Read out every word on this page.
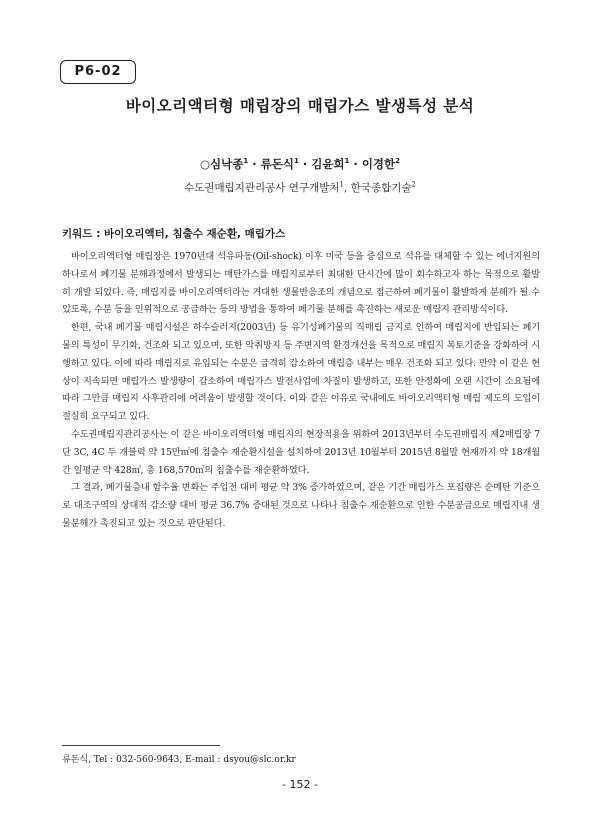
P6-02
바이오리액터형 매립장의 매립가스 발생특성 분석
○심낙종$^1$ · 류돈식$^1$ · 김윤희$^1$ · 이경한$^2$
수도권매립지관리공사 연구개발처$^1$, 한국종합기술$^2$
키워드 : 바이오리액터, 침출수 재순환, 매립가스

바이오리액터형 매립장은 1970년대 석유파동(Oil-shock) 이후 미국 등을 중심으로 석유를 대체할 수 있는 에너지원의 하나로서 폐기물 분해과정에서 발생되는 매탄가스를 매립지로부터 최대한 단시간에 많이 회수하고자 하는 목적으로 활발히 개발 되었다. 즉, 매립지를 바이오리액터라는 거대한 생물반응조의 개념으로 접근하여 폐기물이 활발하게 분해가 될 수 있도록, 수분 등을 인위적으로 공급하는 등의 방법을 통하여 폐기물 분해를 촉진하는 새로운 매립지 관리방식이다.

한편, 국내 폐기물 매립시설은 하수슬러지(2003년) 등 유기성폐기물의 직매립 금지로 인하여 매립지에 반입되는 폐기물의 특성이 무기화, 건조화 되고 있으며, 또한 악취방지 등 주변지역 환경개선을 목적으로 매립지 복토기준을 강화하여 시행하고 있다. 이에 따라 매립지로 유입되는 수분은 급격히 감소하여 매립층 내부는 매우 건조화 되고 있다. 만약 이 같은 현상이 지속되면 매립가스 발생량이 감소하여 매립가스 발전사업에 차질이 발생하고, 또한 안정화에 오랜 시간이 소요됨에 따라 그만큼 매립지 사후관리에 어려움이 발생할 것이다. 이와 같은 이유로 국내에도 바이오리액터형 매립 제도의 도입이 절실히 요구되고 있다.

수도권매립지관리공사는 이 같은 바이오리액터형 매립지의 현장적용을 위하여 2013년부터 수도권매립지 제2매립장 7단 3C, 4C 두 개블럭 약 15만㎡에 침출수 재순환시설을 설치하여 2013년 10월부터 2015년 8월말 현재까지 약 18개월간 일평균 약 428㎥, 총 168,570㎥의 침출수를 재순환하였다.

그 결과, 폐기물층내 함수율 변화는 주입전 대비 평균 약 3% 증가하였으며, 같은 기간 매립가스 포집량은 순메탄 기준으로 대조구역의 상대적 감소량 대비 평균 36.7% 증대된 것으로 나타나 침출수 재순환으로 인한 수분공급으로 매립지내 생물분해가 촉진되고 있는 것으로 판단된다.

류돈식, Tel : 032-560-9643, E-mail : dsyou@slc.or.kr
- 152 -
